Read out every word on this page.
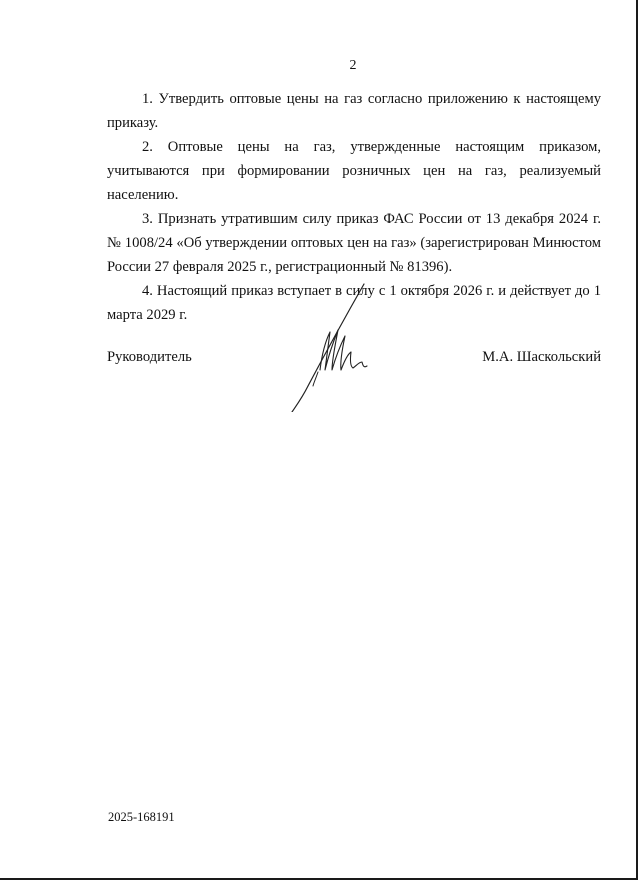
2

1. Утвердить оптовые цены на газ согласно приложению к настоящему приказу.

2. Оптовые цены на газ, утвержденные настоящим приказом, учитываются при формировании розничных цен на газ, реализуемый населению.

3. Признать утратившим силу приказ ФАС России от 13 декабря 2024 г. № 1008/24 «Об утверждении оптовых цен на газ» (зарегистрирован Минюстом России 27 февраля 2025 г., регистрационный № 81396).

4. Настоящий приказ вступает в силу с 1 октября 2026 г. и действует до 1 марта 2029 г.

Руководитель	М.А. Шаскольский
2025-168191
